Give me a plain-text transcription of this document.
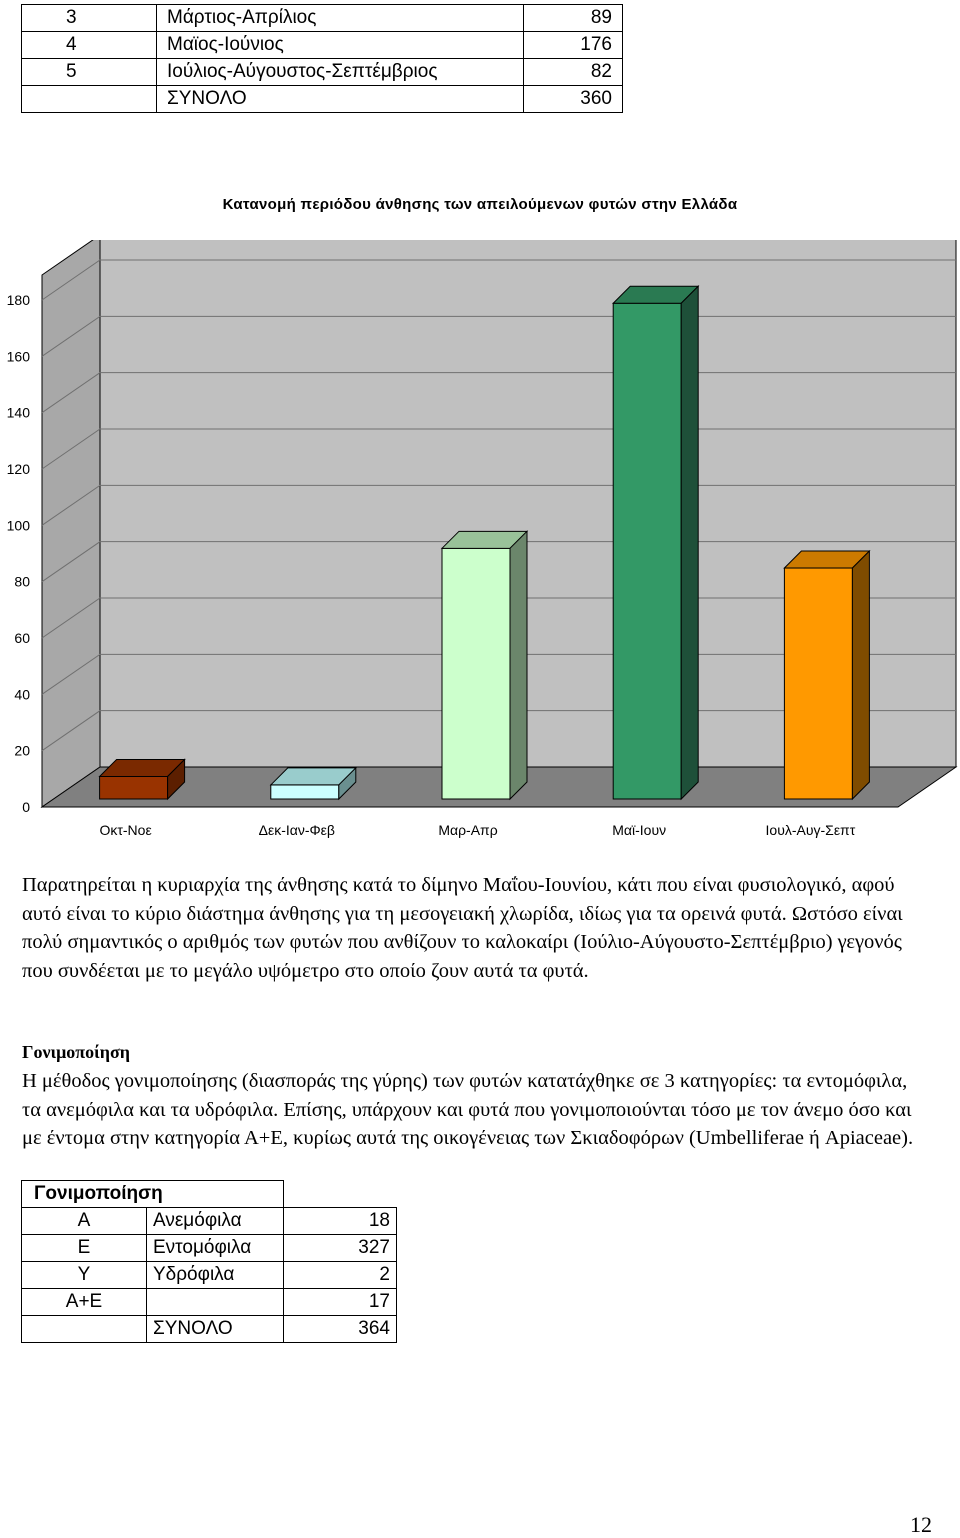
3	Μάρτιος-Απρίλιος	89
4	Μαϊος-Ιούνιος	176
5	Ιούλιος-Αύγουστος-Σεπτέμβριος	82
	ΣΥΝΟΛΟ	360
Κατανομή περιόδου άνθησης των απειλούμενων φυτών στην Ελλάδα
0
20
40
60
80
100
120
140
160
180
Οκτ-Νοε	Δεκ-Ιαν-Φεβ	Μαρ-Απρ	Μαϊ-Ιουν	Ιουλ-Αυγ-Σεπτ
Παρατηρείται η κυριαρχία της άνθησης κατά το δίμηνο Μαΐου-Ιουνίου, κάτι που είναι φυσιολογικό, αφού αυτό είναι το κύριο διάστημα άνθησης για τη μεσογειακή χλωρίδα, ιδίως για τα ορεινά φυτά. Ωστόσο είναι πολύ σημαντικός ο αριθμός των φυτών που ανθίζουν το καλοκαίρι (Ιούλιο-Αύγουστο-Σεπτέμβριο) γεγονός που συνδέεται με το μεγάλο υψόμετρο στο οποίο ζουν αυτά τα φυτά.
Γονιμοποίηση
Η μέθοδος γονιμοποίησης (διασποράς της γύρης) των φυτών κατατάχθηκε σε 3 κατηγορίες: τα εντομόφιλα, τα ανεμόφιλα και τα υδρόφιλα. Επίσης, υπάρχουν και φυτά που γονιμοποιούνται τόσο με τον άνεμο όσο και με έντομα στην κατηγορία Α+Ε, κυρίως αυτά της οικογένειας των Σκιαδοφόρων (Umbelliferae ή Apiaceae).
Γονιμοποίηση		
Α	Ανεμόφιλα	18
Ε	Εντομόφιλα	327
Υ	Υδρόφιλα	2
Α+Ε		17
	ΣΥΝΟΛΟ	364
12
